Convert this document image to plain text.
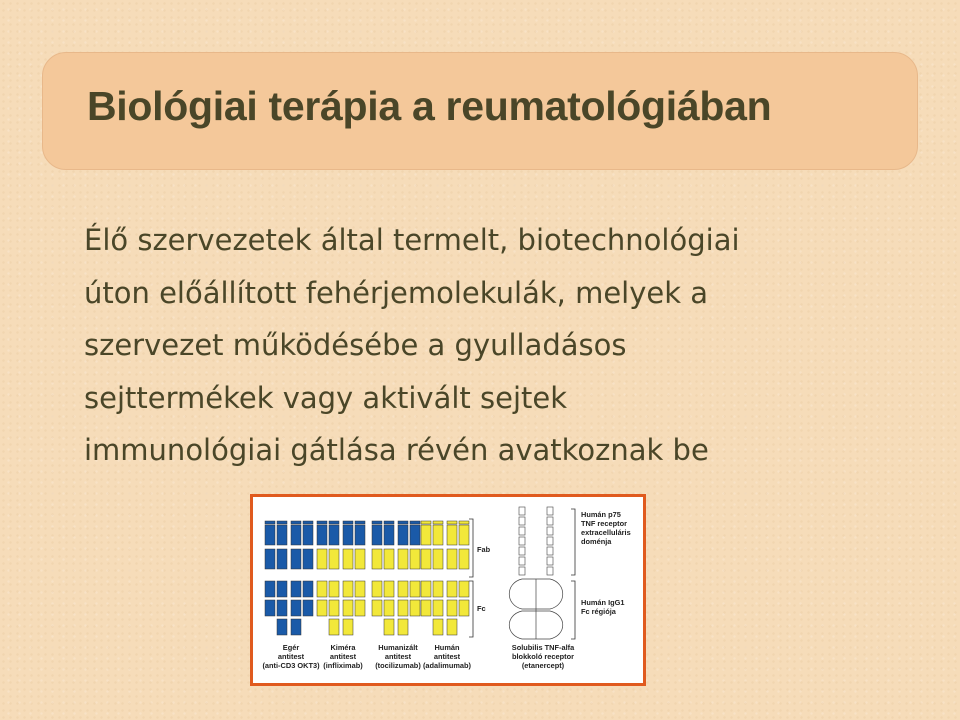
Biológiai terápia a reumatológiában

Élő szervezetek által termelt, biotechnológiai
úton előállított fehérjemolekulák, melyek a
szervezet működésébe a gyulladásos
sejttermékek vagy aktivált sejtek
immunológiai gátlása révén avatkoznak be

Fab
Fc
Humán p75
TNF receptor
extracelluláris
doménja
Humán IgG1
Fc régiója
Egér
antitest
(anti-CD3 OKT3)
Kiméra
antitest
(infliximab)
Humanizált
antitest
(tocilizumab)
Humán
antitest
(adalimumab)
Solubilis TNF-alfa
blokkoló receptor
(etanercept)
